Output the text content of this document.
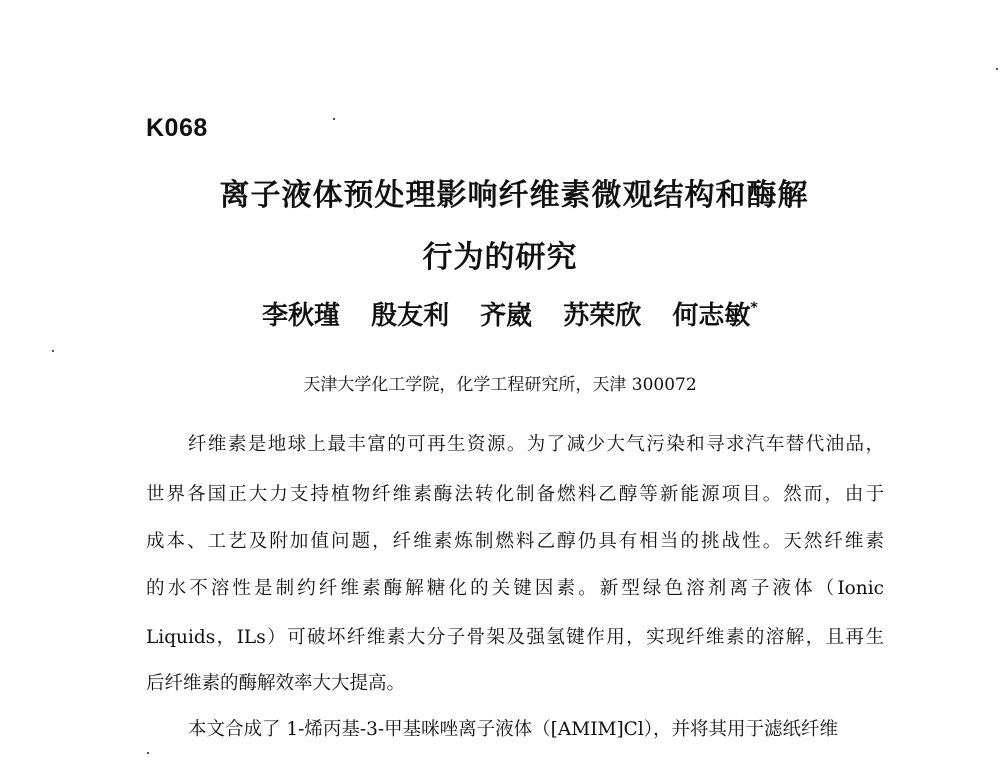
K068
离子液体预处理影响纤维素微观结构和酶解
行为的研究
李秋瑾 殷友利 齐崴 苏荣欣 何志敏*
天津大学化工学院，化学工程研究所，天津 300072
纤维素是地球上最丰富的可再生资源。为了减少大气污染和寻求汽车替代油品，
世界各国正大力支持植物纤维素酶法转化制备燃料乙醇等新能源项目。然而，由于
成本、工艺及附加值问题，纤维素炼制燃料乙醇仍具有相当的挑战性。天然纤维素
的水不溶性是制约纤维素酶解糖化的关键因素。新型绿色溶剂离子液体（Ionic
Liquids，ILs）可破坏纤维素大分子骨架及强氢键作用，实现纤维素的溶解，且再生
后纤维素的酶解效率大大提高。
本文合成了 1-烯丙基-3-甲基咪唑离子液体（[AMIM]Cl），并将其用于滤纸纤维
